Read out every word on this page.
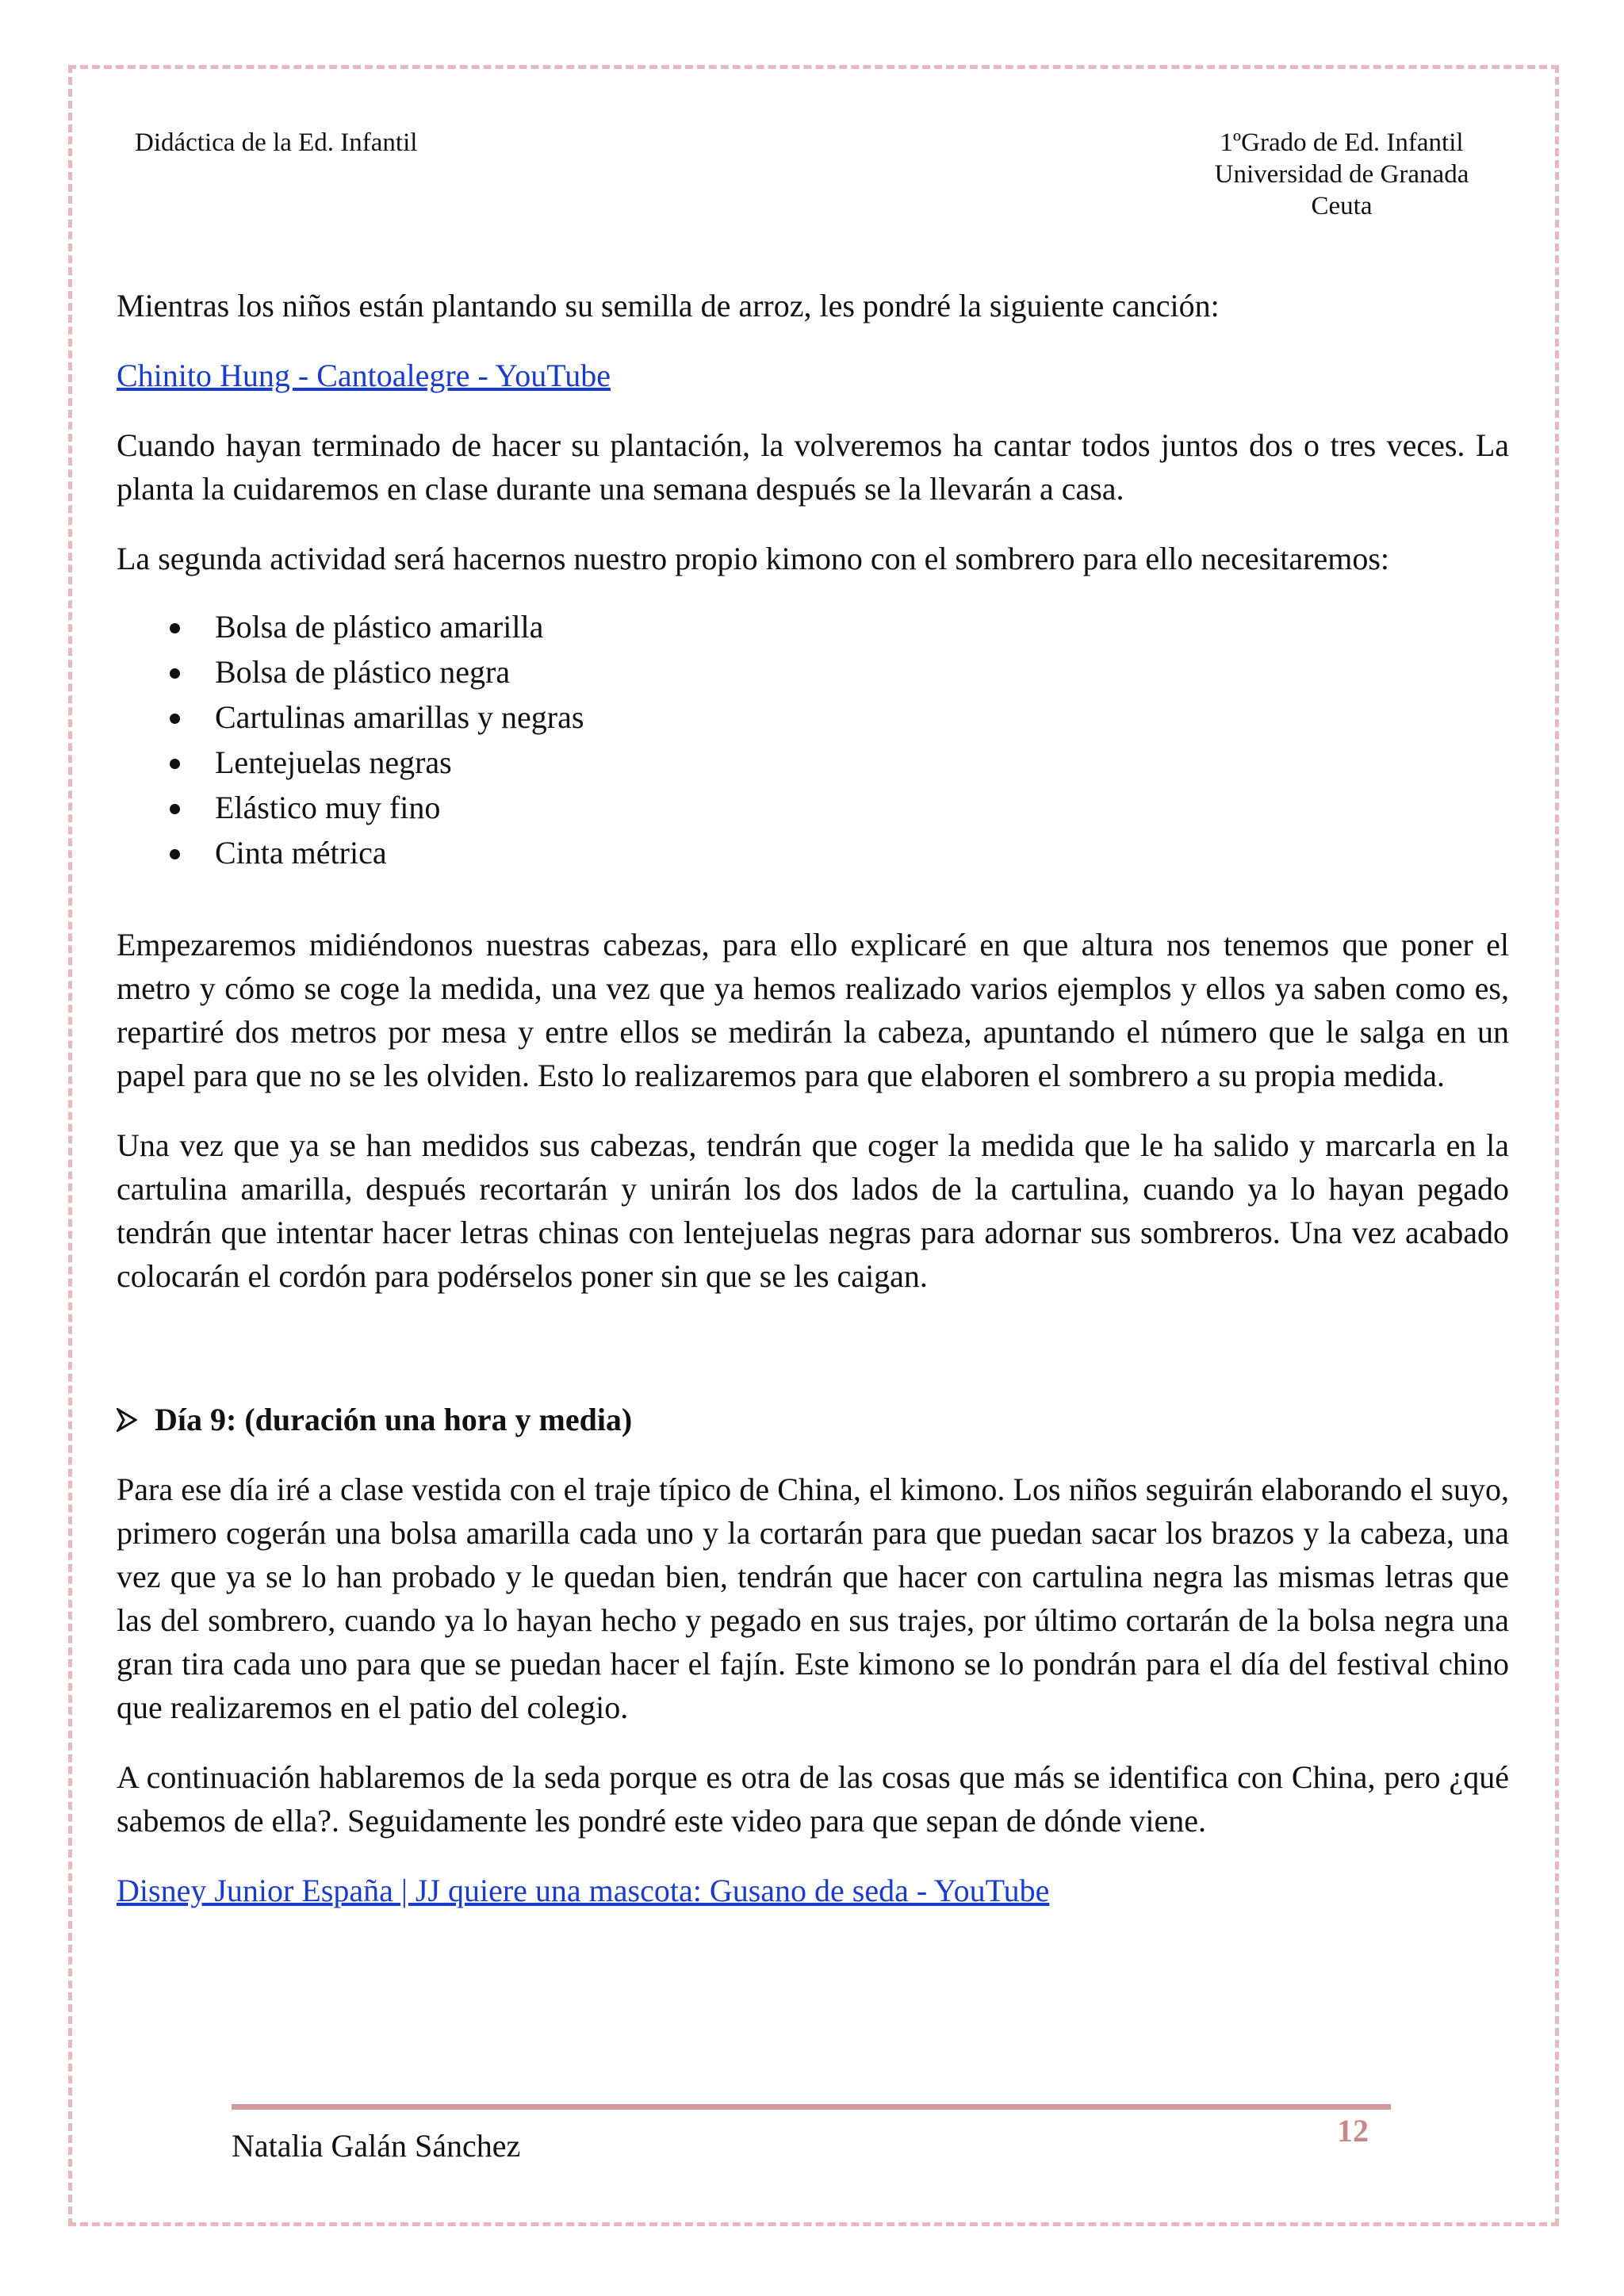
Didáctica de la Ed. Infantil	1ºGrado de Ed. Infantil
Universidad de Granada
Ceuta

Mientras los niños están plantando su semilla de arroz, les pondré la siguiente canción:

Chinito Hung - Cantoalegre - YouTube

Cuando hayan terminado de hacer su plantación, la volveremos ha cantar todos juntos dos o tres veces. La planta la cuidaremos en clase durante una semana después se la llevarán a casa.

La segunda actividad será hacernos nuestro propio kimono con el sombrero para ello necesitaremos:

Bolsa de plástico amarilla
Bolsa de plástico negra
Cartulinas amarillas y negras
Lentejuelas negras
Elástico muy fino
Cinta métrica

Empezaremos midiéndonos nuestras cabezas, para ello explicaré en que altura nos tenemos que poner el metro y cómo se coge la medida, una vez que ya hemos realizado varios ejemplos y ellos ya saben como es, repartiré dos metros por mesa y entre ellos se medirán la cabeza, apuntando el número que le salga en un papel para que no se les olviden. Esto lo realizaremos para que elaboren el sombrero a su propia medida.

Una vez que ya se han medidos sus cabezas, tendrán que coger la medida que le ha salido y marcarla en la cartulina amarilla, después recortarán y unirán los dos lados de la cartulina, cuando ya lo hayan pegado tendrán que intentar hacer letras chinas con lentejuelas negras para adornar sus sombreros. Una vez acabado colocarán el cordón para podérselos poner sin que se les caigan.

Día 9: (duración una hora y media)

Para ese día iré a clase vestida con el traje típico de China, el kimono. Los niños seguirán elaborando el suyo, primero cogerán una bolsa amarilla cada uno y la cortarán para que puedan sacar los brazos y la cabeza, una vez que ya se lo han probado y le quedan bien, tendrán que hacer con cartulina negra las mismas letras que las del sombrero, cuando ya lo hayan hecho y pegado en sus trajes, por último cortarán de la bolsa negra una gran tira cada uno para que se puedan hacer el fajín. Este kimono se lo pondrán para el día del festival chino que realizaremos en el patio del colegio.

A continuación hablaremos de la seda porque es otra de las cosas que más se identifica con China, pero ¿qué sabemos de ella?. Seguidamente les pondré este video para que sepan de dónde viene.

Disney Junior España | JJ quiere una mascota: Gusano de seda - YouTube

Natalia Galán Sánchez	12
